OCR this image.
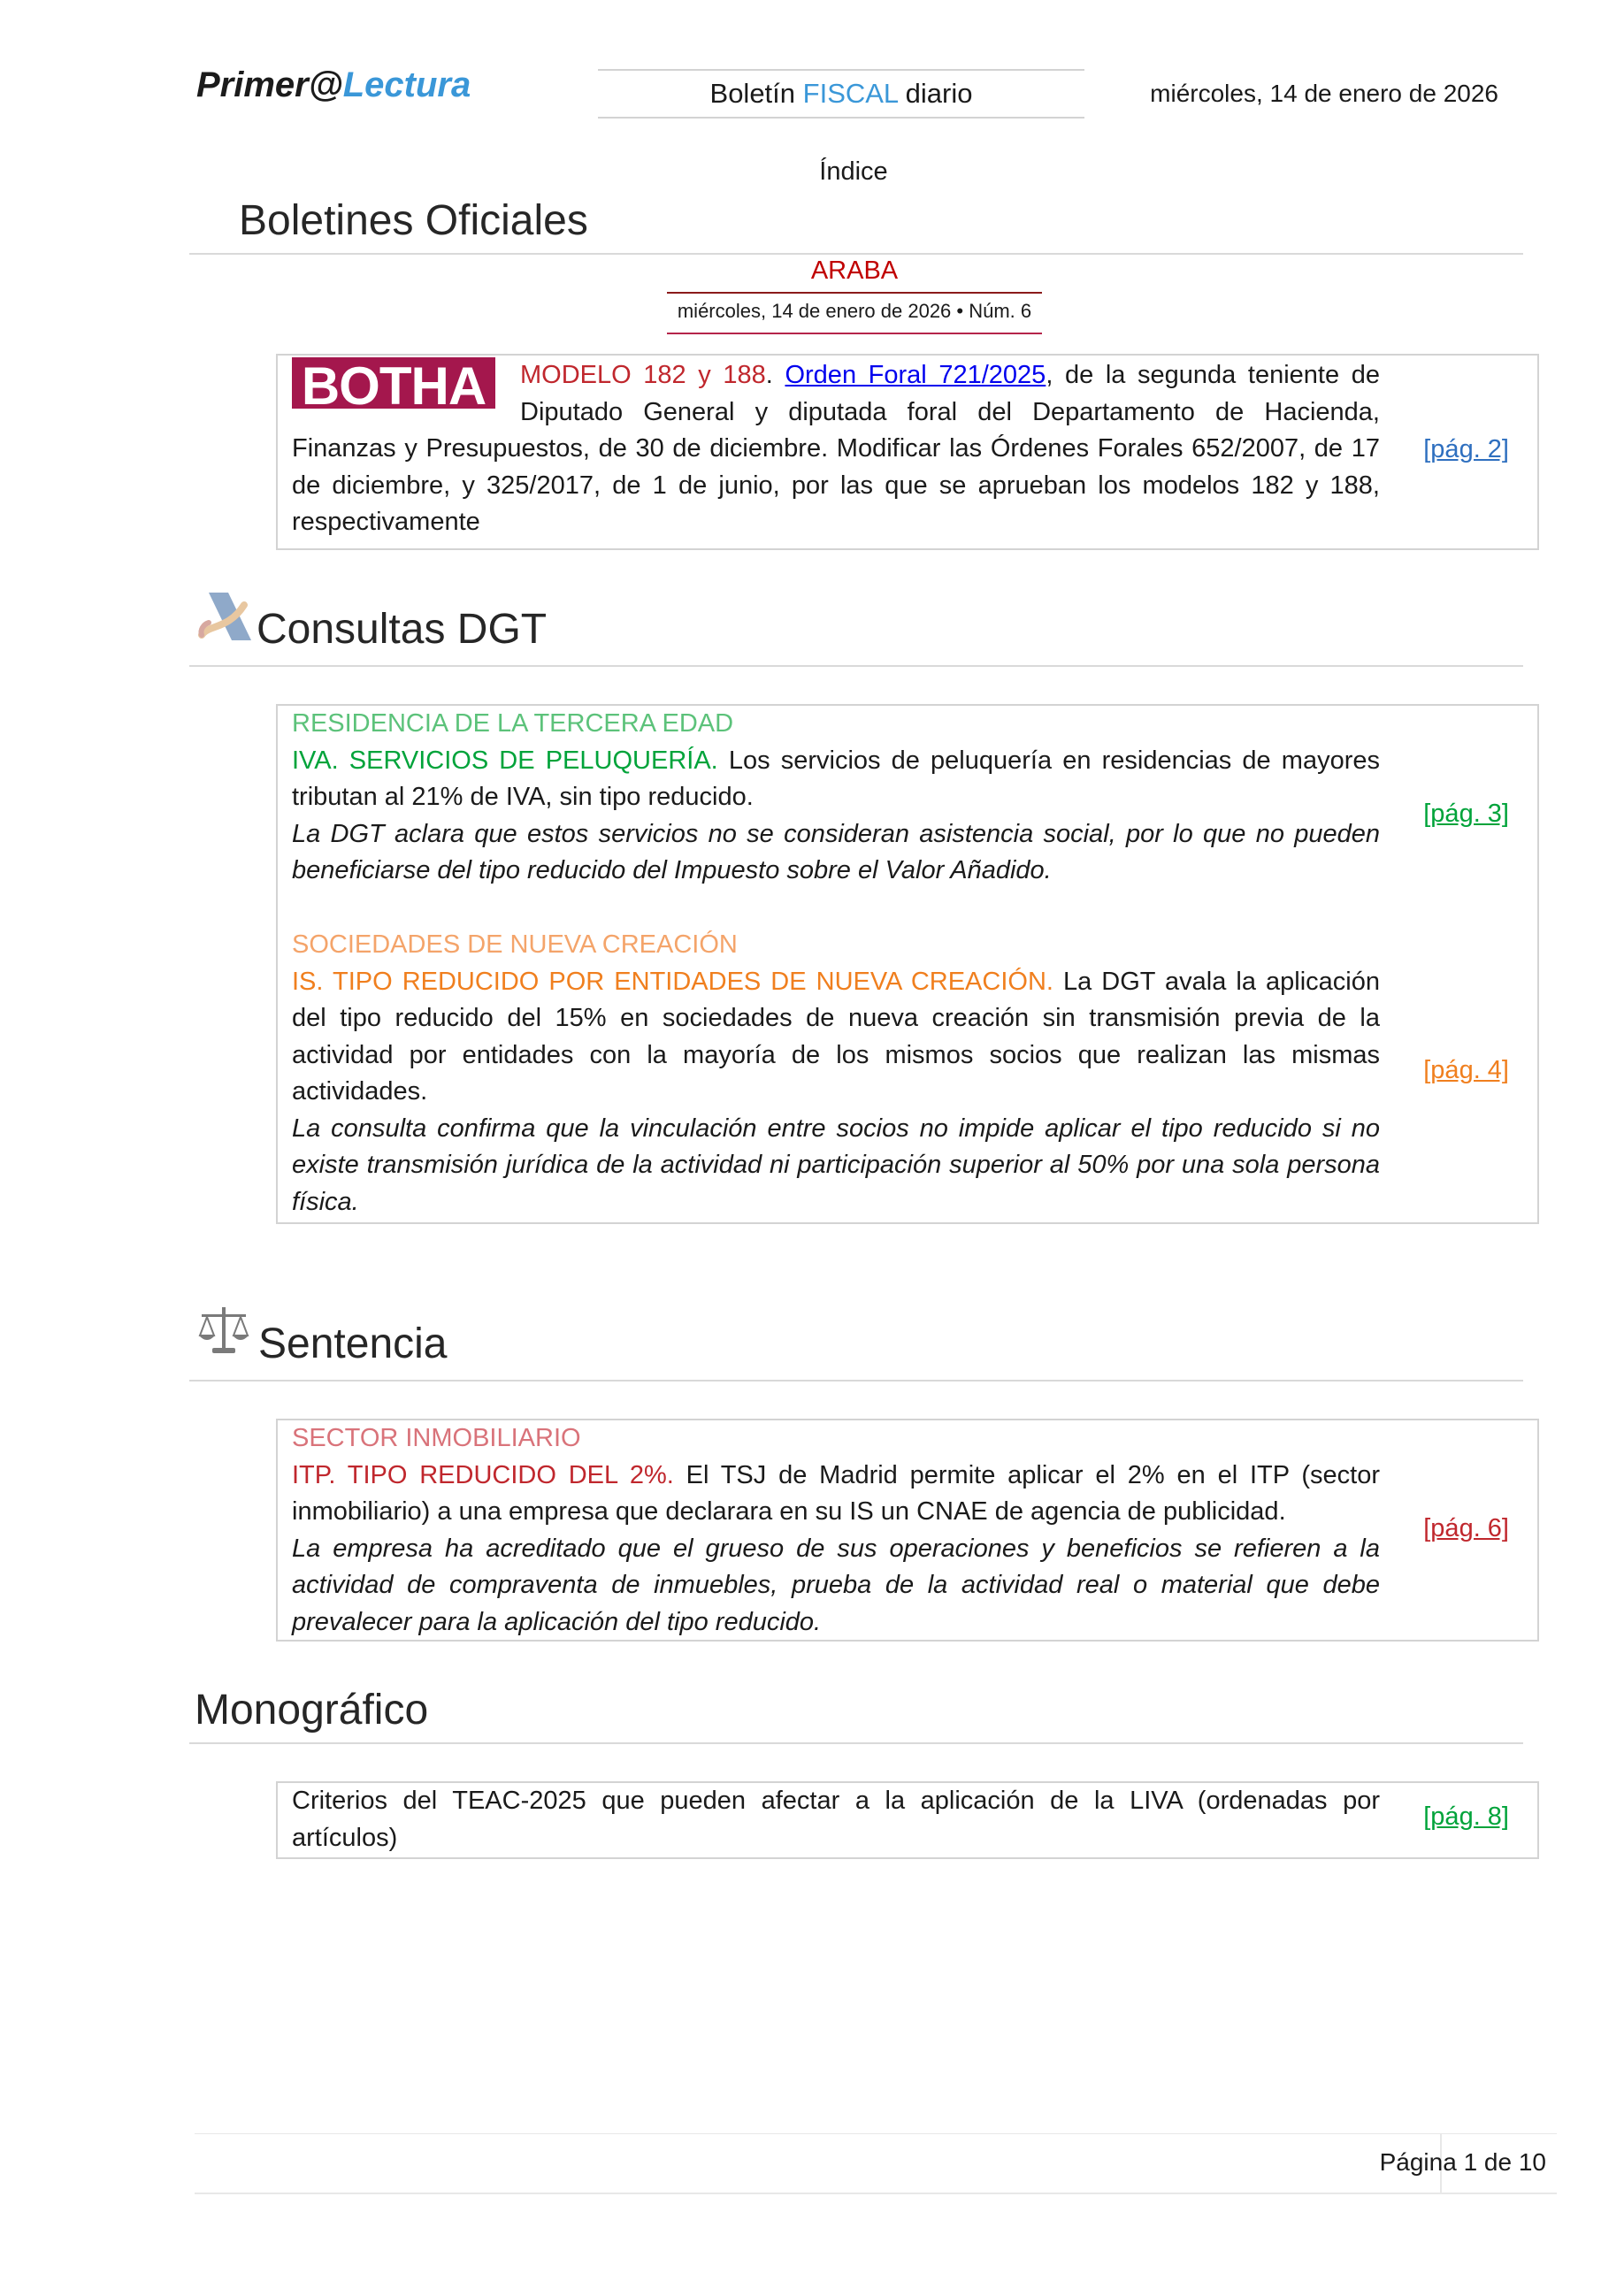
Primer@Lectura	Boletín FISCAL diario	miércoles, 14 de enero de 2026
Índice
Boletines Oficiales
ARABA
miércoles, 14 de enero de 2026 • Núm. 6
BOTHA	MODELO 182 y 188. Orden Foral 721/2025, de la segunda teniente de Diputado General y diputada foral del Departamento de Hacienda, Finanzas y Presupuestos, de 30 de diciembre. Modificar las Órdenes Forales 652/2007, de 17 de diciembre, y 325/2017, de 1 de junio, por las que se aprueban los modelos 182 y 188, respectivamente
[pág. 2]
Consultas DGT
RESIDENCIA DE LA TERCERA EDAD
IVA. SERVICIOS DE PELUQUERÍA. Los servicios de peluquería en residencias de mayores tributan al 21% de IVA, sin tipo reducido.
La DGT aclara que estos servicios no se consideran asistencia social, por lo que no pueden beneficiarse del tipo reducido del Impuesto sobre el Valor Añadido.
[pág. 3]
SOCIEDADES DE NUEVA CREACIÓN
IS. TIPO REDUCIDO POR ENTIDADES DE NUEVA CREACIÓN. La DGT avala la aplicación del tipo reducido del 15% en sociedades de nueva creación sin transmisión previa de la actividad por entidades con la mayoría de los mismos socios que realizan las mismas actividades.
La consulta confirma que la vinculación entre socios no impide aplicar el tipo reducido si no existe transmisión jurídica de la actividad ni participación superior al 50% por una sola persona física.
[pág. 4]
Sentencia
SECTOR INMOBILIARIO
ITP. TIPO REDUCIDO DEL 2%. El TSJ de Madrid permite aplicar el 2% en el ITP (sector inmobiliario) a una empresa que declarara en su IS un CNAE de agencia de publicidad.
La empresa ha acreditado que el grueso de sus operaciones y beneficios se refieren a la actividad de compraventa de inmuebles, prueba de la actividad real o material que debe prevalecer para la aplicación del tipo reducido.
[pág. 6]
Monográfico
Criterios del TEAC-2025 que pueden afectar a la aplicación de la LIVA (ordenadas por artículos)
[pág. 8]
Página 1 de 10
